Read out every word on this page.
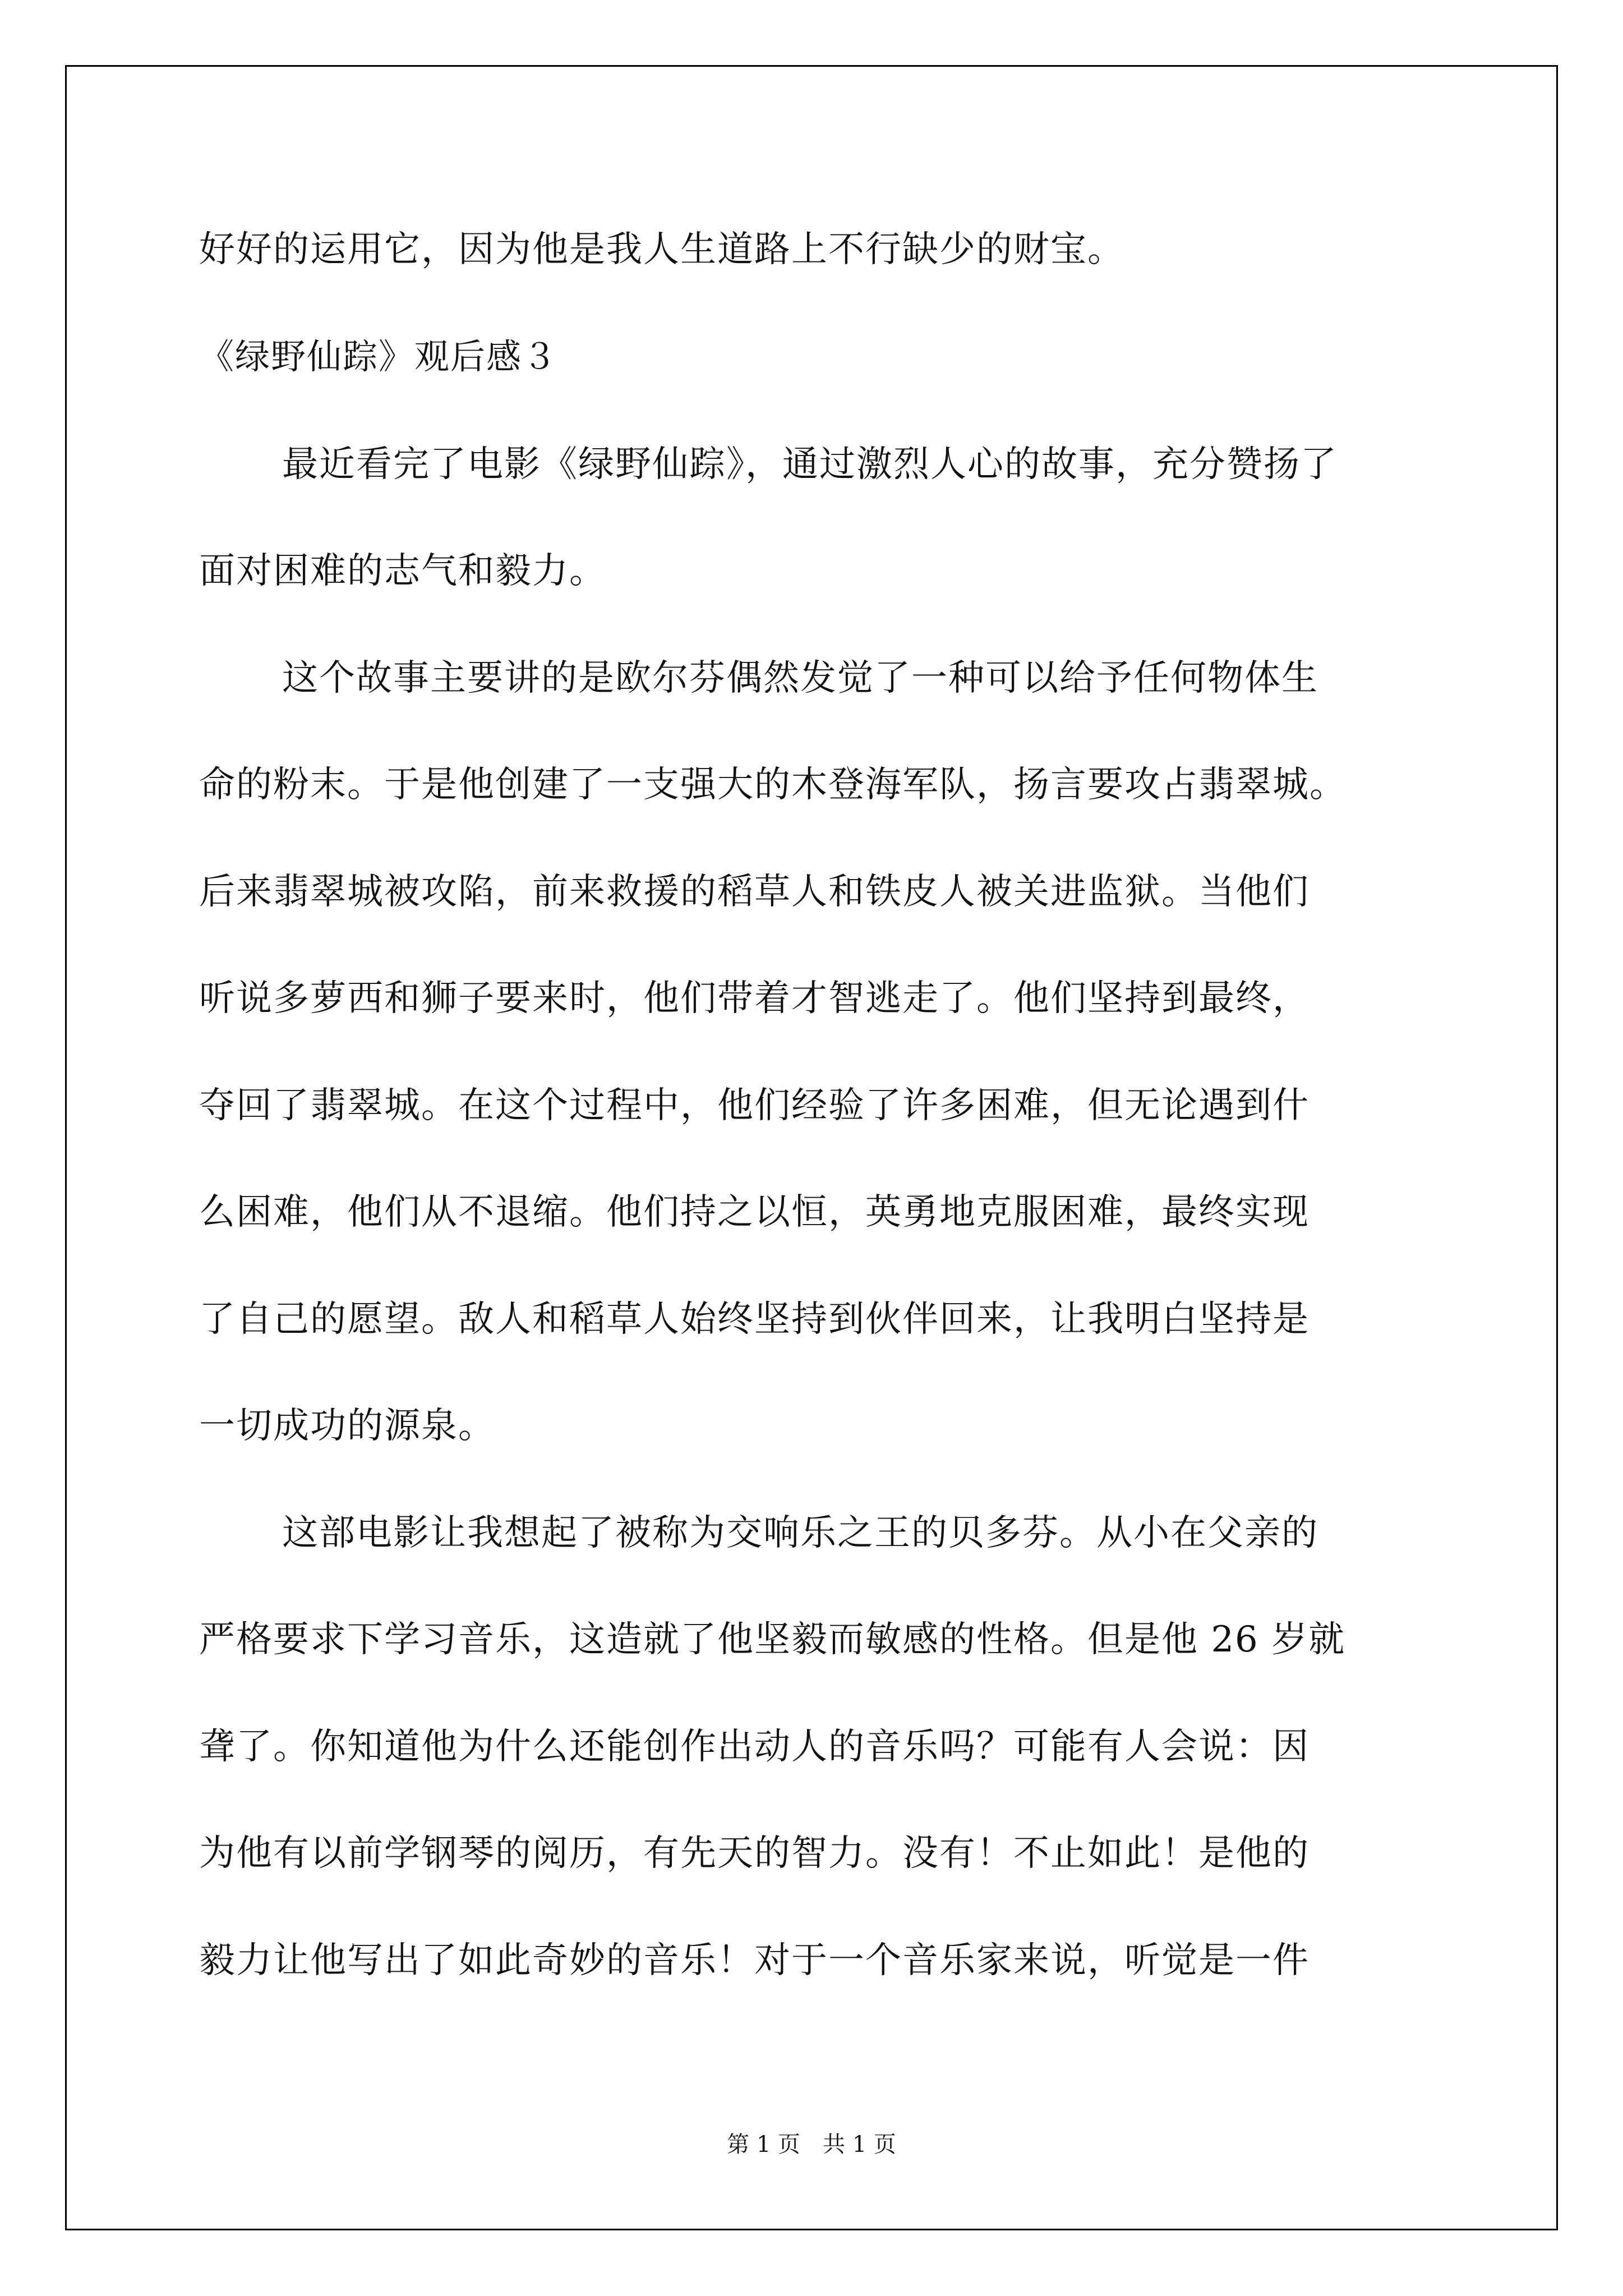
好好的运用它，因为他是我人生道路上不行缺少的财宝。

《绿野仙踪》观后感３

最近看完了电影《绿野仙踪》，通过激烈人心的故事，充分赞扬了

面对困难的志气和毅力。

这个故事主要讲的是欧尔芬偶然发觉了一种可以给予任何物体生

命的粉末。于是他创建了一支强大的木登海军队，扬言要攻占翡翠城。

后来翡翠城被攻陷，前来救援的稻草人和铁皮人被关进监狱。当他们

听说多萝西和狮子要来时，他们带着才智逃走了。他们坚持到最终，

夺回了翡翠城。在这个过程中，他们经验了许多困难，但无论遇到什

么困难，他们从不退缩。他们持之以恒，英勇地克服困难，最终实现

了自己的愿望。敌人和稻草人始终坚持到伙伴回来，让我明白坚持是

一切成功的源泉。

这部电影让我想起了被称为交响乐之王的贝多芬。从小在父亲的

严格要求下学习音乐，这造就了他坚毅而敏感的性格。但是他 26 岁就

聋了。你知道他为什么还能创作出动人的音乐吗？可能有人会说：因

为他有以前学钢琴的阅历，有先天的智力。没有！不止如此！是他的

毅力让他写出了如此奇妙的音乐！对于一个音乐家来说，听觉是一件

第 1 页　共 1 页
